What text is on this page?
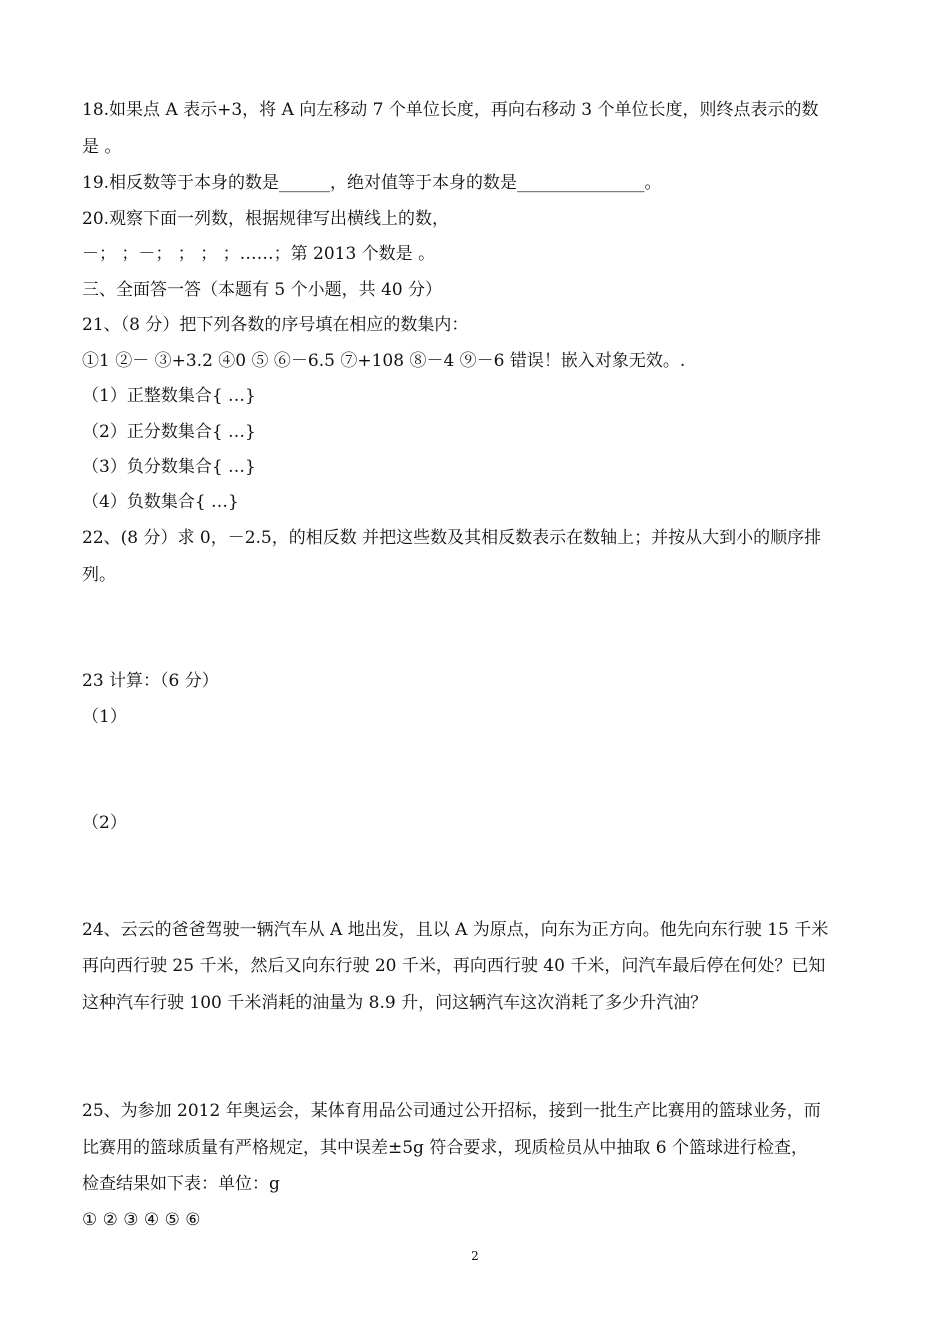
18.如果点 A 表示+3，将 A 向左移动 7 个单位长度，再向右移动 3 个单位长度，则终点表示的数
是 。
19.相反数等于本身的数是______，绝对值等于本身的数是_______________。
20.观察下面一列数，根据规律写出横线上的数，
－； ；－； ； ； ；……；第 2013 个数是 。
三、全面答一答（本题有 5 个小题，共 40 分）
21、（8 分）把下列各数的序号填在相应的数集内：
①1 ②－ ③+3.2 ④0 ⑤ ⑥－6.5 ⑦+108 ⑧－4 ⑨－6 错误！嵌入对象无效。.
（1）正整数集合{ …}
（2）正分数集合{ …}
（3）负分数集合{ …}
（4）负数集合{ …}
22、(8 分）求 0，－2.5，的相反数 并把这些数及其相反数表示在数轴上；并按从大到小的顺序排
列。
23 计算：（6 分）
（1）
（2）
24、云云的爸爸驾驶一辆汽车从 A 地出发，且以 A 为原点，向东为正方向。他先向东行驶 15 千米
再向西行驶 25 千米，然后又向东行驶 20 千米，再向西行驶 40 千米，问汽车最后停在何处？已知
这种汽车行驶 100 千米消耗的油量为 8.9 升，问这辆汽车这次消耗了多少升汽油？
25、为参加 2012 年奥运会，某体育用品公司通过公开招标，接到一批生产比赛用的篮球业务，而
比赛用的篮球质量有严格规定，其中误差±5g 符合要求，现质检员从中抽取 6 个篮球进行检查，
检查结果如下表：单位：g
① ② ③ ④ ⑤ ⑥
2
